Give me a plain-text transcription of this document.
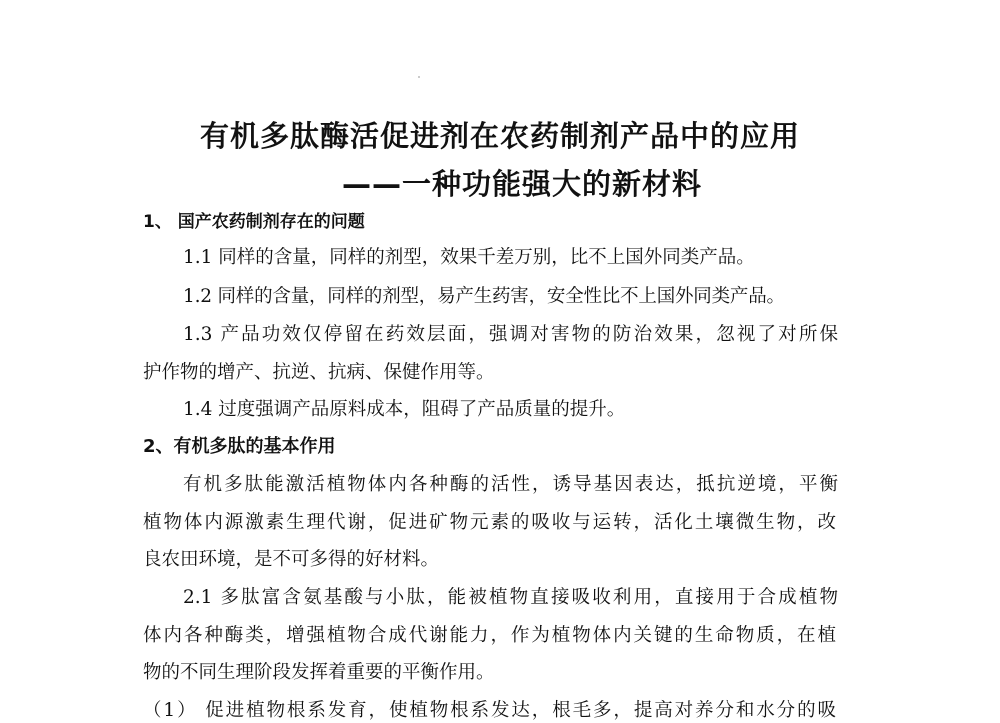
有机多肽酶活促进剂在农药制剂产品中的应用
——一种功能强大的新材料
1、 国产农药制剂存在的问题
1.1 同样的含量，同样的剂型，效果千差万别，比不上国外同类产品。
1.2 同样的含量，同样的剂型，易产生药害，安全性比不上国外同类产品。
1.3 产品功效仅停留在药效层面，强调对害物的防治效果，忽视了对所保
护作物的增产、抗逆、抗病、保健作用等。
1.4 过度强调产品原料成本，阻碍了产品质量的提升。
2、有机多肽的基本作用
有机多肽能激活植物体内各种酶的活性，诱导基因表达，抵抗逆境，平衡
植物体内源激素生理代谢，促进矿物元素的吸收与运转，活化土壤微生物，改
良农田环境，是不可多得的好材料。
2.1 多肽富含氨基酸与小肽，能被植物直接吸收利用，直接用于合成植物
体内各种酶类，增强植物合成代谢能力，作为植物体内关键的生命物质，在植
物的不同生理阶段发挥着重要的平衡作用。
（1） 促进植物根系发育，使植物根系发达，根毛多，提高对养分和水分的吸
